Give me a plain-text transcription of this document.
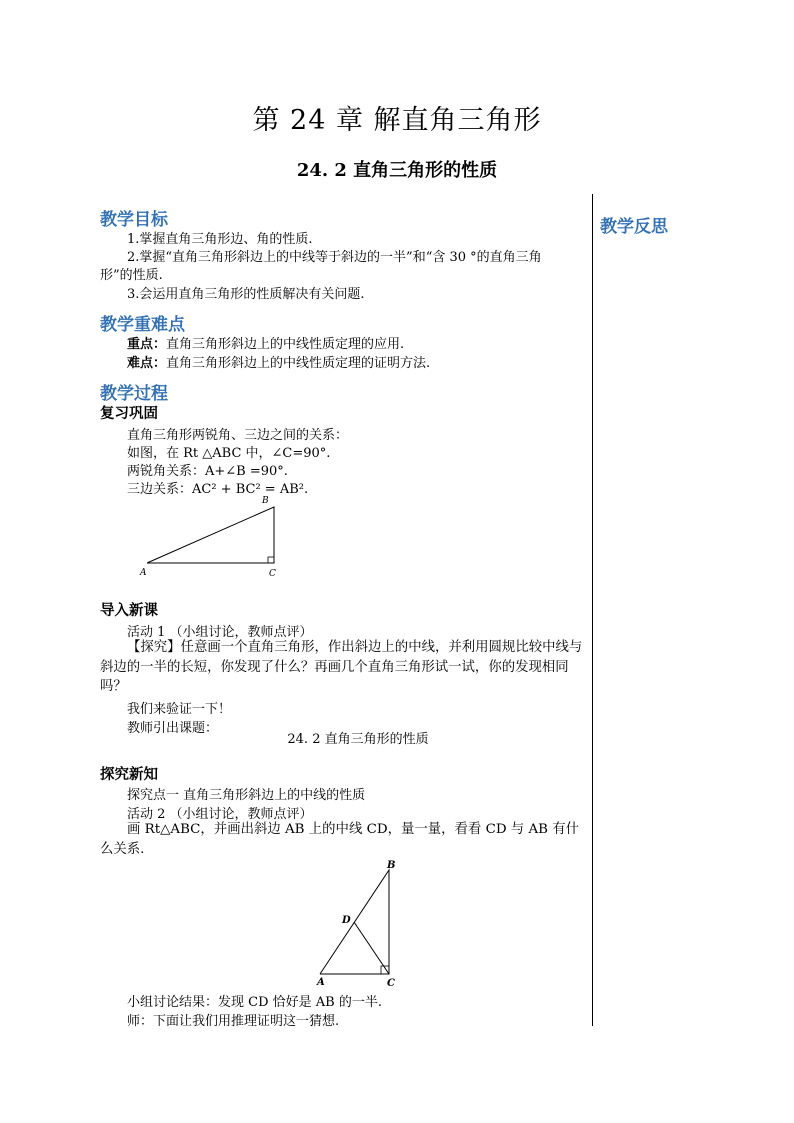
第 24 章 解直角三角形
24. 2 直角三角形的性质
教学反思
教学目标
1.掌握直角三角形边、角的性质.
2.掌握“直角三角形斜边上的中线等于斜边的一半”和“含 30 °的直角三角
形”的性质.
3.会运用直角三角形的性质解决有关问题.
教学重难点
重点：直角三角形斜边上的中线性质定理的应用.
难点：直角三角形斜边上的中线性质定理的证明方法.
教学过程
复习巩固
直角三角形两锐角、三边之间的关系：
如图，在 Rt △ABC 中，∠C=90°.
两锐角关系：A+∠B =90°.
三边关系：AC² + BC² = AB².
A
B
C
导入新课
活动 1 （小组讨论，教师点评）
【探究】任意画一个直角三角形，作出斜边上的中线，并利用圆规比较中线与斜边的一半的长短，你发现了什么？再画几个直角三角形试一试，你的发现相同吗？
我们来验证一下！
教师引出课题：
24. 2 直角三角形的性质
探究新知
探究点一 直角三角形斜边上的中线的性质
活动 2 （小组讨论，教师点评）
画 Rt△ABC，并画出斜边 AB 上的中线 CD，量一量，看看 CD 与 AB 有什么关系.
A
B
C
D
小组讨论结果：发现 CD 恰好是 AB 的一半.
师：下面让我们用推理证明这一猜想.
